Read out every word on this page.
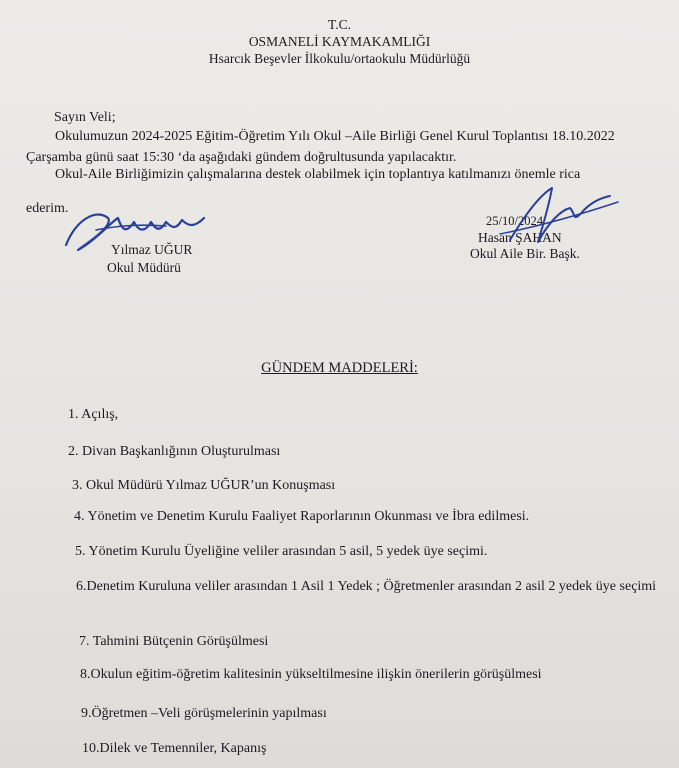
T.C.
OSMANELİ KAYMAKAMLIĞI
Hsarcık Beşevler İlkokulu/ortaokulu Müdürlüğü
Sayın Veli;
Okulumuzun 2024-2025 Eğitim-Öğretim Yılı Okul –Aile Birliği Genel Kurul Toplantısı 18.10.2022
Çarşamba günü saat 15:30 ‘da aşağıdaki gündem doğrultusunda yapılacaktır.
Okul-Aile Birliğimizin çalışmalarına destek olabilmek için toplantıya katılmanızı önemle rica
ederim.
Yılmaz UĞUR
Okul Müdürü
25/10/2024
Hasan ŞAHAN
Okul Aile Bir. Başk.
GÜNDEM MADDELERİ:
1. Açılış,
2. Divan Başkanlığının Oluşturulması
3. Okul Müdürü Yılmaz UĞUR’un Konuşması
4. Yönetim ve Denetim Kurulu Faaliyet Raporlarının Okunması ve İbra edilmesi.
5. Yönetim Kurulu Üyeliğine veliler arasından 5 asil, 5 yedek üye seçimi.
6.Denetim Kuruluna veliler arasından 1 Asil 1 Yedek ; Öğretmenler arasından 2 asil 2 yedek üye seçimi
7. Tahmini Bütçenin Görüşülmesi
8.Okulun eğitim-öğretim kalitesinin yükseltilmesine ilişkin önerilerin görüşülmesi
9.Öğretmen –Veli görüşmelerinin yapılması
10.Dilek ve Temenniler, Kapanış
